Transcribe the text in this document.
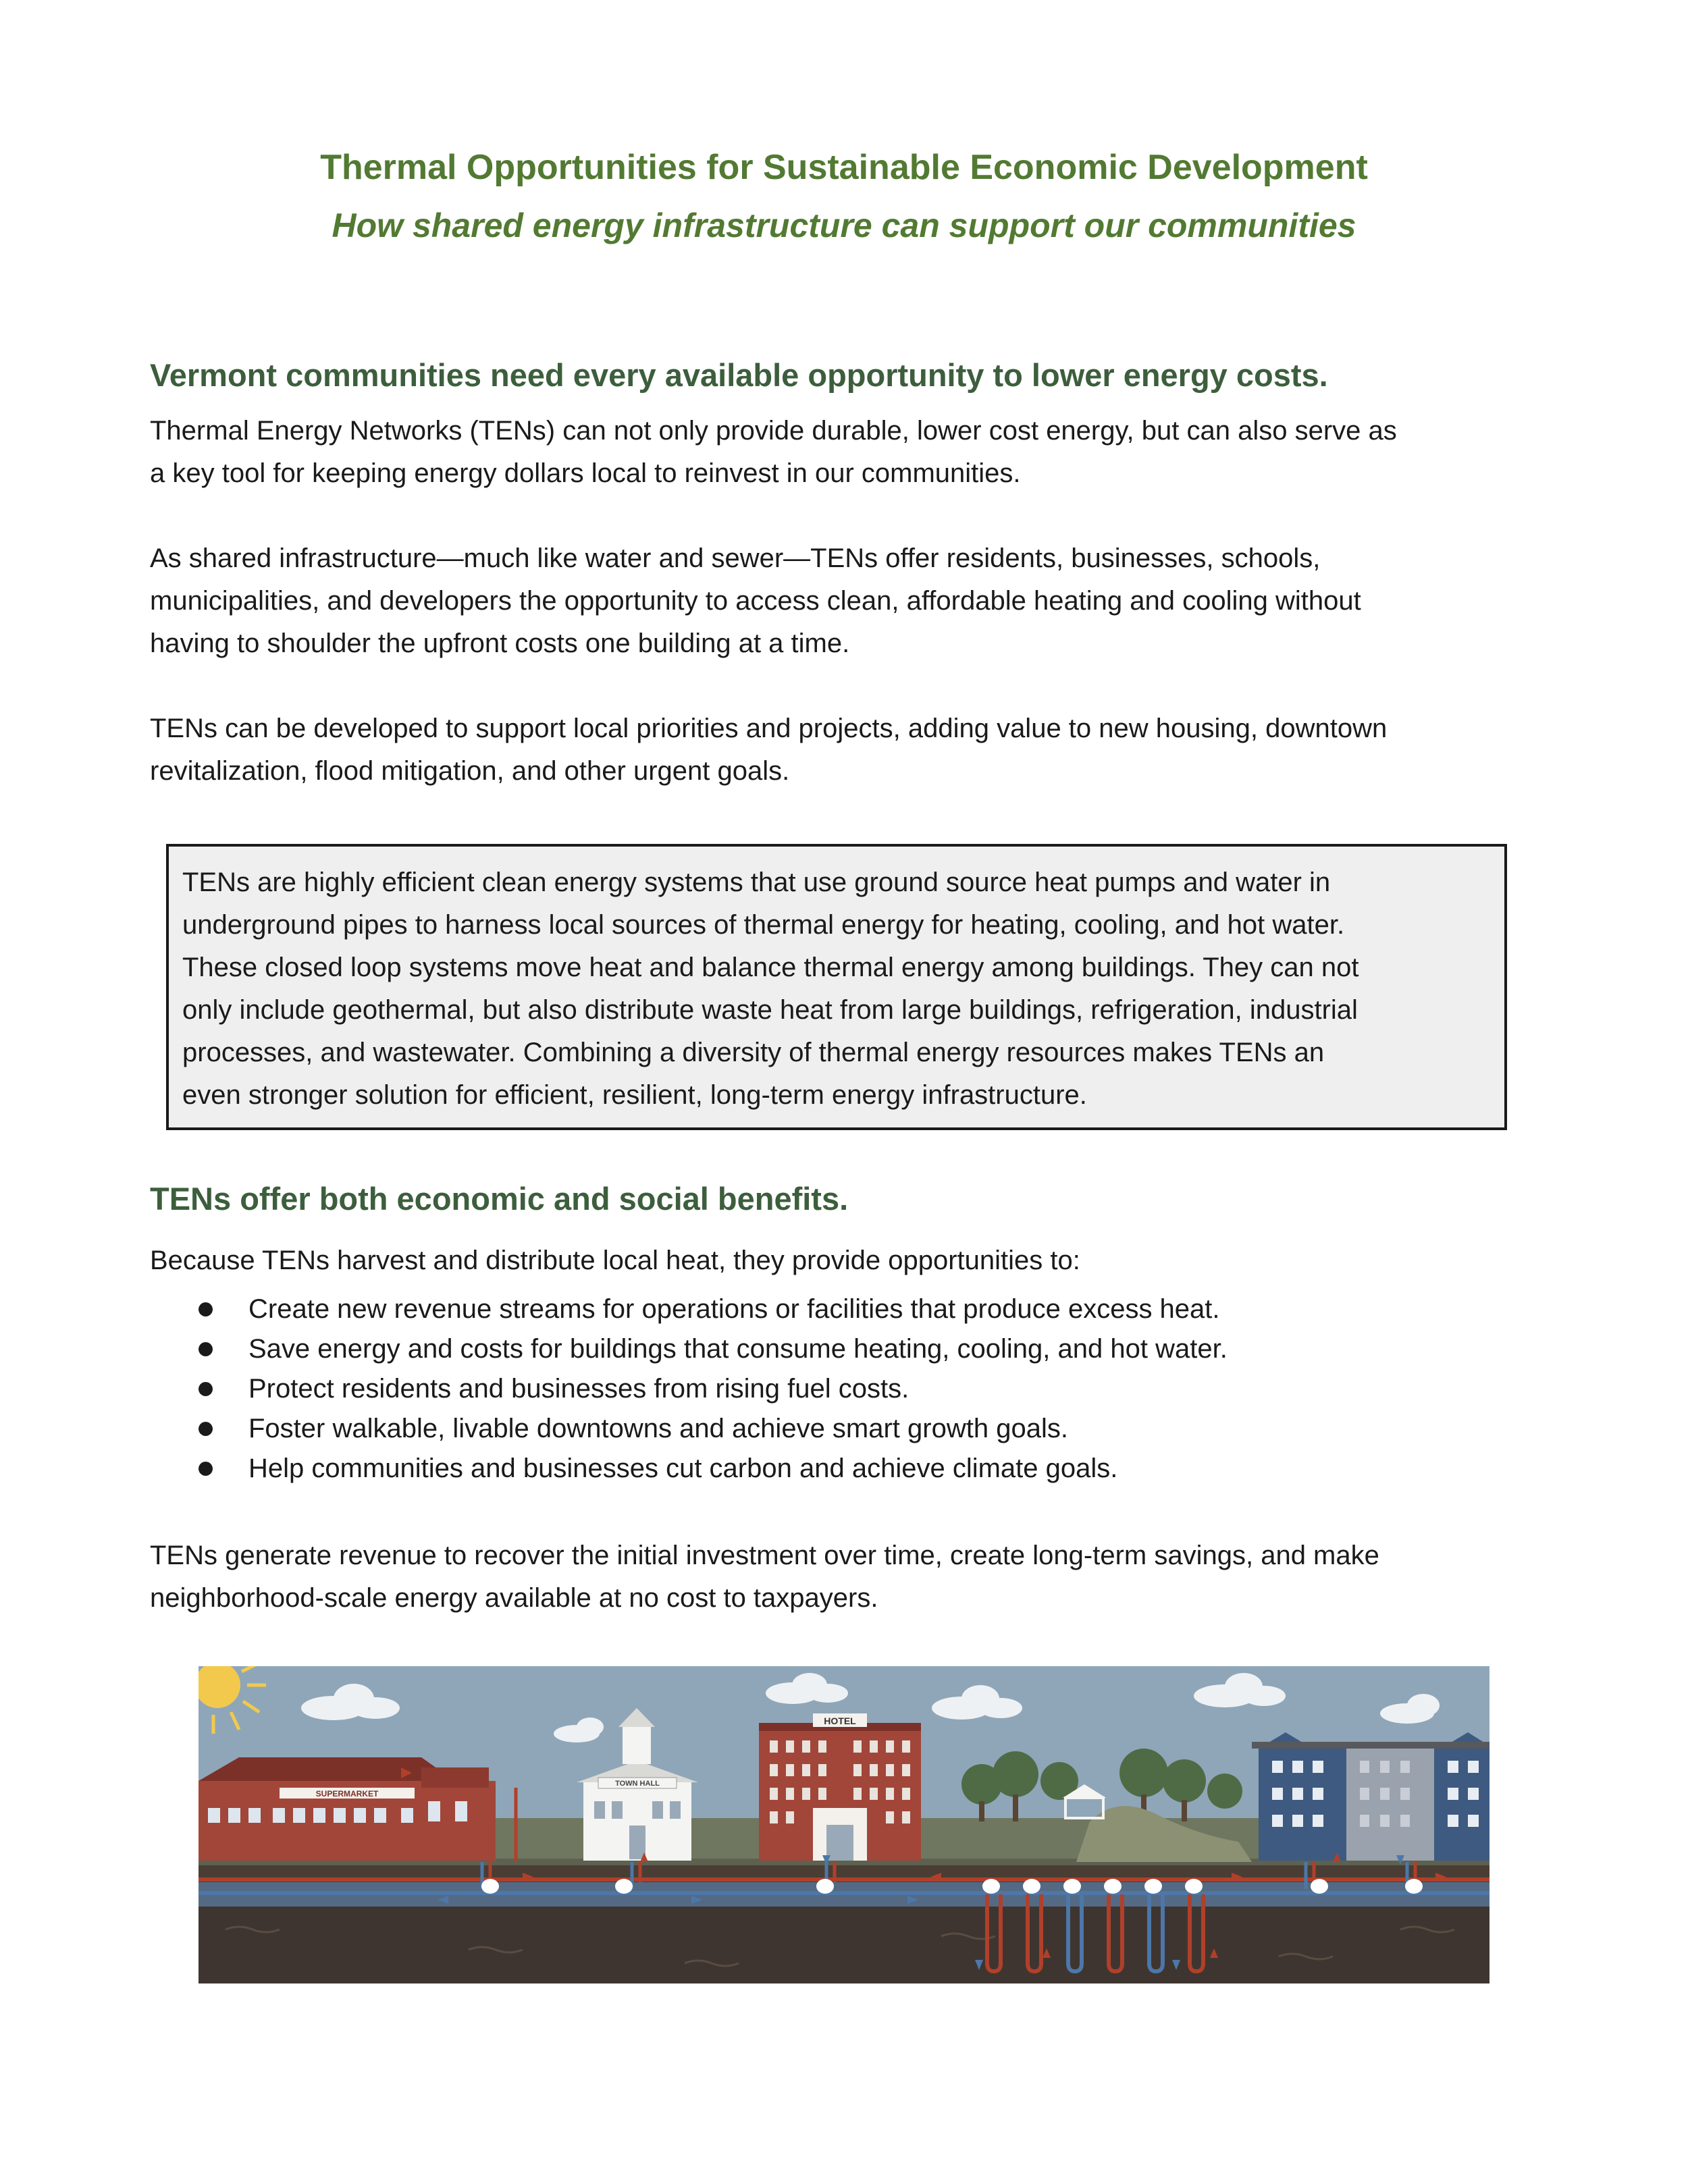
Thermal Opportunities for Sustainable Economic Development
How shared energy infrastructure can support our communities
Vermont communities need every available opportunity to lower energy costs.
Thermal Energy Networks (TENs) can not only provide durable, lower cost energy, but can also serve as
a key tool for keeping energy dollars local to reinvest in our communities.
As shared infrastructure—much like water and sewer—TENs offer residents, businesses, schools,
municipalities, and developers the opportunity to access clean, affordable heating and cooling without
having to shoulder the upfront costs one building at a time.
TENs can be developed to support local priorities and projects, adding value to new housing, downtown
revitalization, flood mitigation, and other urgent goals.
TENs are highly efficient clean energy systems that use ground source heat pumps and water in
underground pipes to harness local sources of thermal energy for heating, cooling, and hot water.
These closed loop systems move heat and balance thermal energy among buildings. They can not
only include geothermal, but also distribute waste heat from large buildings, refrigeration, industrial
processes, and wastewater. Combining a diversity of thermal energy resources makes TENs an
even stronger solution for efficient, resilient, long-term energy infrastructure.
TENs offer both economic and social benefits.
Because TENs harvest and distribute local heat, they provide opportunities to:
Create new revenue streams for operations or facilities that produce excess heat.
Save energy and costs for buildings that consume heating, cooling, and hot water.
Protect residents and businesses from rising fuel costs.
Foster walkable, livable downtowns and achieve smart growth goals.
Help communities and businesses cut carbon and achieve climate goals.
TENs generate revenue to recover the initial investment over time, create long-term savings, and make
neighborhood-scale energy available at no cost to taxpayers.
SUPERMARKET
TOWN HALL
HOTEL
